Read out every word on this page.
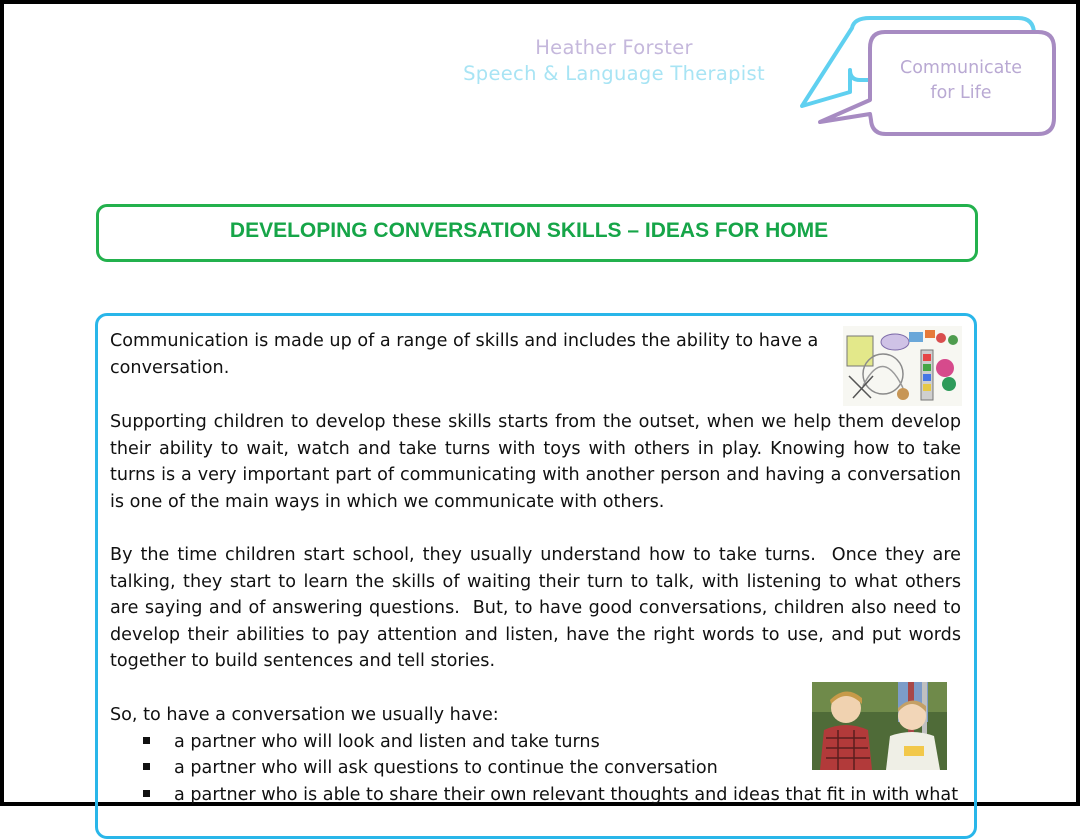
Heather Forster
Speech & Language Therapist	Communicate
for Life
DEVELOPING CONVERSATION SKILLS – IDEAS FOR HOME

Communication is made up of a range of skills and includes the ability to have a conversation.

Supporting children to develop these skills starts from the outset, when we help them develop their ability to wait, watch and take turns with toys with others in play. Knowing how to take turns is a very important part of communicating with another person and having a conversation is one of the main ways in which we communicate with others.

By the time children start school, they usually understand how to take turns.  Once they are talking, they start to learn the skills of waiting their turn to talk, with listening to what others are saying and of answering questions.  But, to have good conversations, children also need to develop their abilities to pay attention and listen, have the right words to use, and put words together to build sentences and tell stories.

So, to have a conversation we usually have:

a partner who will look and listen and take turns

a partner who will ask questions to continue the conversation

a partner who is able to share their own relevant thoughts and ideas that fit in with what
